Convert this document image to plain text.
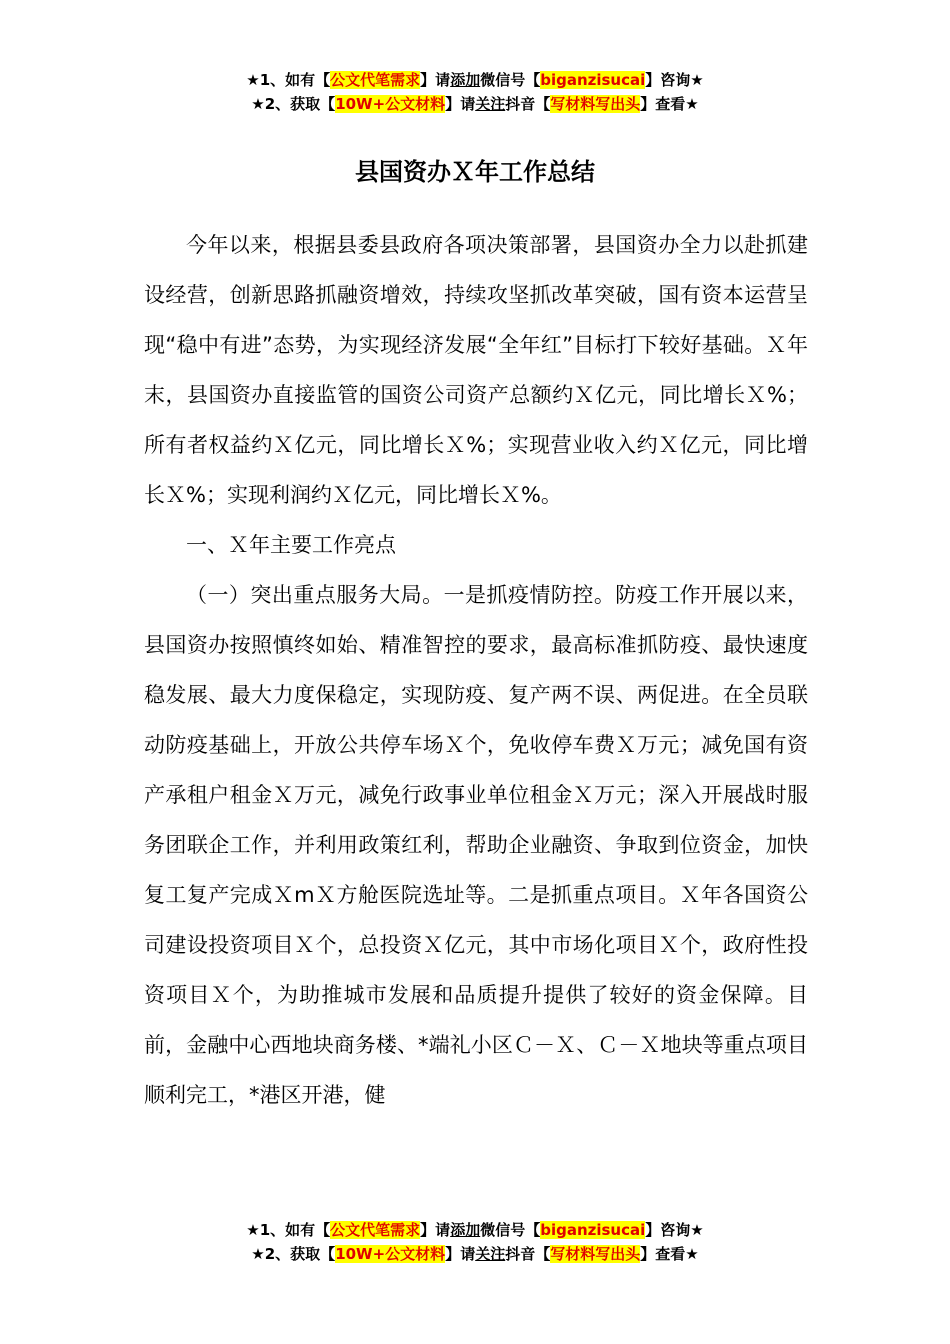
★1、如有【公文代笔需求】请添加微信号【biganzisucai】咨询★
★2、获取【10W+公文材料】请关注抖音【写材料写出头】查看★
县国资办Ｘ年工作总结

今年以来，根据县委县政府各项决策部署，县国资办全力以赴抓建设经营，创新思路抓融资增效，持续攻坚抓改革突破，国有资本运营呈现“稳中有进”态势，为实现经济发展“全年红”目标打下较好基础。Ｘ年末，县国资办直接监管的国资公司资产总额约Ｘ亿元，同比增长Ｘ%；所有者权益约Ｘ亿元，同比增长Ｘ%；实现营业收入约Ｘ亿元，同比增长Ｘ%；实现利润约Ｘ亿元，同比增长Ｘ%。

一、Ｘ年主要工作亮点

（一）突出重点服务大局。一是抓疫情防控。防疫工作开展以来，县国资办按照慎终如始、精准智控的要求，最高标准抓防疫、最快速度稳发展、最大力度保稳定，实现防疫、复产两不误、两促进。在全员联动防疫基础上，开放公共停车场Ｘ个，免收停车费Ｘ万元；减免国有资产承租户租金Ｘ万元，减免行政事业单位租金Ｘ万元；深入开展战时服务团联企工作，并利用政策红利，帮助企业融资、争取到位资金，加快复工复产完成ＸmＸ方舱医院选址等。二是抓重点项目。Ｘ年各国资公司建设投资项目Ｘ个，总投资Ｘ亿元，其中市场化项目Ｘ个，政府性投资项目Ｘ个，为助推城市发展和品质提升提供了较好的资金保障。目前，金融中心西地块商务楼、*端礼小区Ｃ－Ｘ、Ｃ－Ｘ地块等重点项目顺利完工，*港区开港，健

★1、如有【公文代笔需求】请添加微信号【biganzisucai】咨询★
★2、获取【10W+公文材料】请关注抖音【写材料写出头】查看★
